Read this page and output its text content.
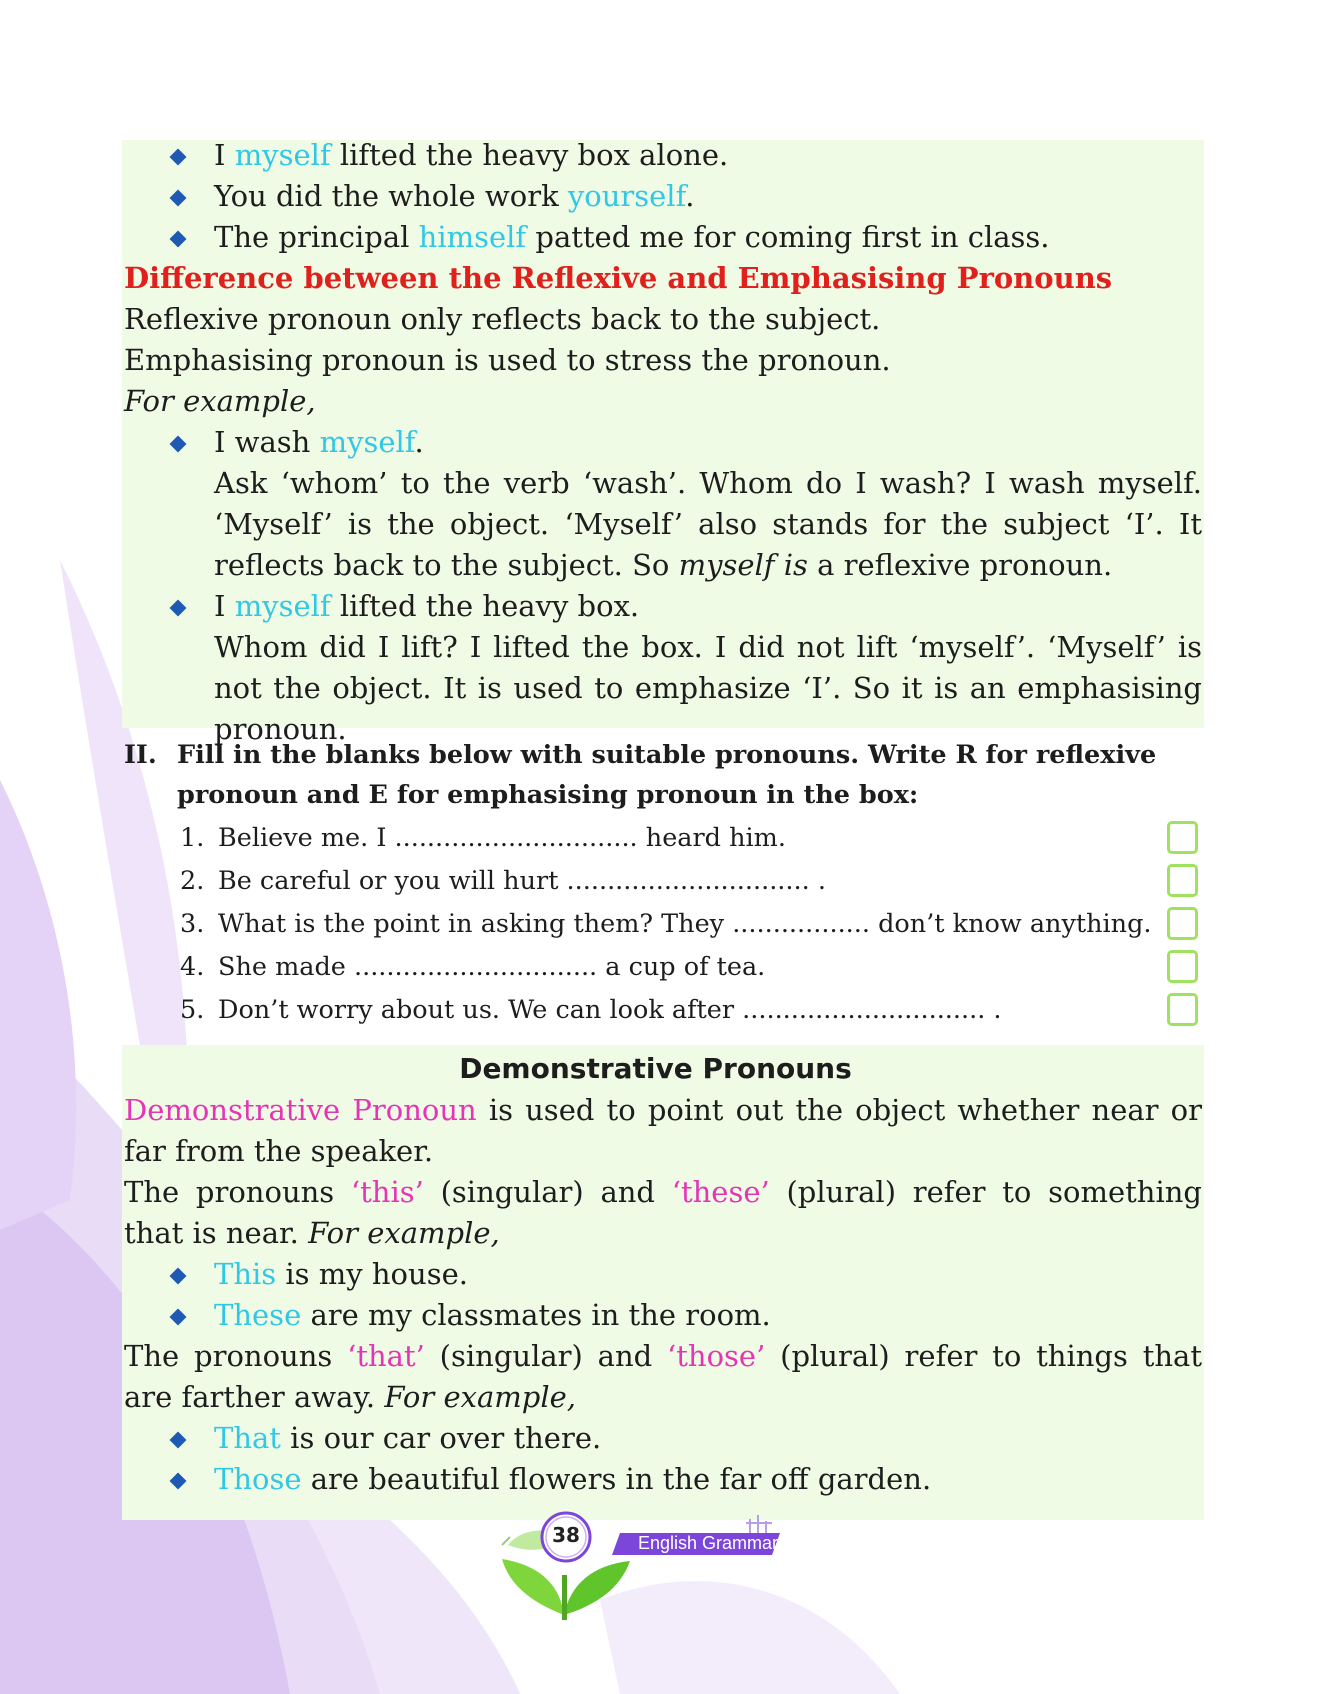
I myself lifted the heavy box alone.

You did the whole work yourself.

The principal himself patted me for coming first in class.

Difference between the Reflexive and Emphasising Pronouns

Reflexive pronoun only reflects back to the subject.

Emphasising pronoun is used to stress the pronoun.

For example,

I wash myself.

Ask ‘whom’ to the verb ‘wash’. Whom do I wash? I wash myself. ‘Myself’ is the object. ‘Myself’ also stands for the subject ‘I’. It reflects back to the subject. So myself is a reflexive pronoun.

I myself lifted the heavy box.

Whom did I lift? I lifted the box. I did not lift ‘myself’. ‘Myself’ is not the object. It is used to emphasize ‘I’. So it is an emphasising pronoun.

II. Fill in the blanks below with suitable pronouns. Write R for reflexive pronoun and E for emphasising pronoun in the box:

1. Believe me. I .............................. heard him.
2. Be careful or you will hurt .............................. .
3. What is the point in asking them? They ................. don’t know anything.
4. She made .............................. a cup of tea.
5. Don’t worry about us. We can look after .............................. .

Demonstrative Pronouns

Demonstrative Pronoun is used to point out the object whether near or far from the speaker.

The pronouns ‘this’ (singular) and ‘these’ (plural) refer to something that is near. For example,

This is my house.

These are my classmates in the room.

The pronouns ‘that’ (singular) and ‘those’ (plural) refer to things that are farther away. For example,

That is our car over there.

Those are beautiful flowers in the far off garden.

38	English Grammar-5
